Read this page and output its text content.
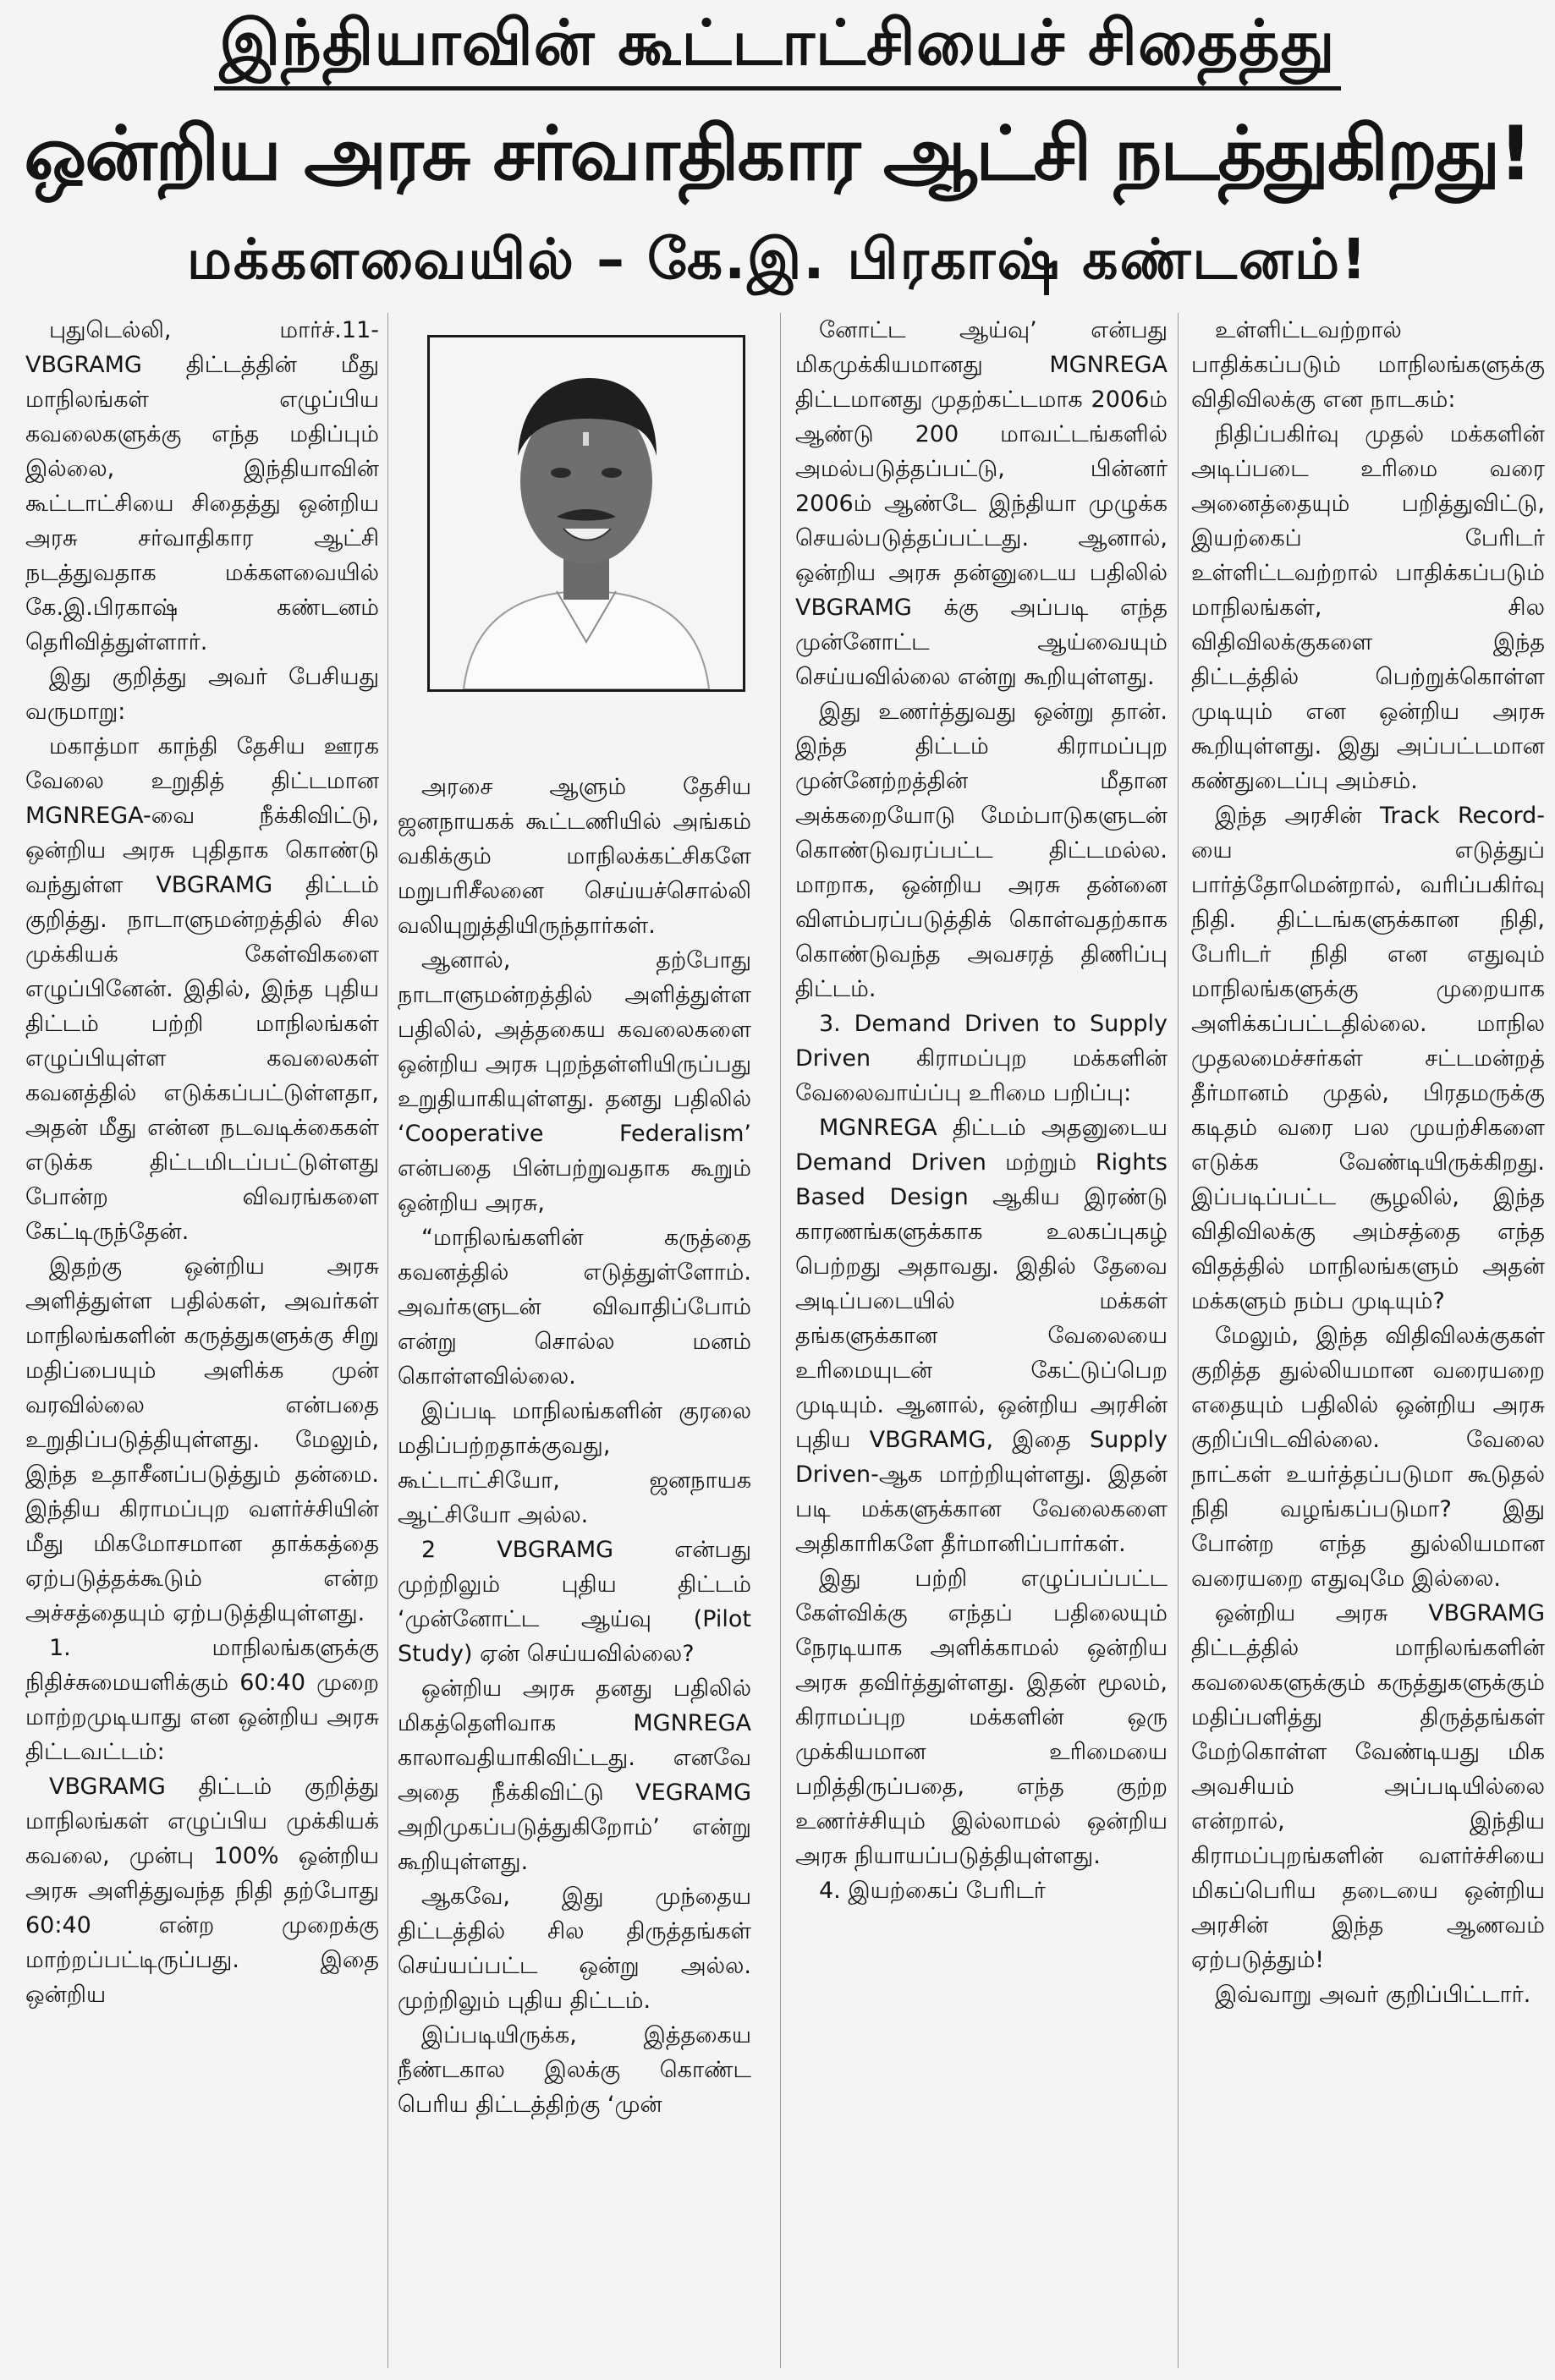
இந்தியாவின் கூட்டாட்சியைச் சிதைத்து
ஒன்றிய அரசு சர்வாதிகார ஆட்சி நடத்துகிறது!
மக்களவையில் – கே.இ. பிரகாஷ் கண்டனம்!

புதுடெல்லி, மார்ச்.11- VBGRAMG திட்டத்தின் மீது மாநிலங்கள் எழுப்பிய கவலைகளுக்கு எந்த மதிப்பும் இல்லை, இந்தியாவின் கூட்டாட்சியை சிதைத்து ஒன்றிய அரசு சர்வாதிகார ஆட்சி நடத்துவதாக மக்களவையில் கே.இ.பிரகாஷ் கண்டனம் தெரிவித்துள்ளார்.

இது குறித்து அவர் பேசியது வருமாறு:

மகாத்மா காந்தி தேசிய ஊரக வேலை உறுதித் திட்டமான MGNREGA-வை நீக்கிவிட்டு, ஒன்றிய அரசு புதிதாக கொண்டு வந்துள்ள VBGRAMG திட்டம் குறித்து. நாடாளுமன்றத்தில் சில முக்கியக் கேள்விகளை எழுப்பினேன். இதில், இந்த புதிய திட்டம் பற்றி மாநிலங்கள் எழுப்பியுள்ள கவலைகள் கவனத்தில் எடுக்கப்பட்டுள்ளதா, அதன் மீது என்ன நடவடிக்கைகள் எடுக்க திட்டமிடப்பட்டுள்ளது போன்ற விவரங்களை கேட்டிருந்தேன்.

இதற்கு ஒன்றிய அரசு அளித்துள்ள பதில்கள், அவர்கள் மாநிலங்களின் கருத்துகளுக்கு சிறு மதிப்பையும் அளிக்க முன் வரவில்லை என்பதை உறுதிப்படுத்தியுள்ளது. மேலும், இந்த உதாசீனப்படுத்தும் தன்மை. இந்திய கிராமப்புற வளர்ச்சியின் மீது மிகமோசமான தாக்கத்தை ஏற்படுத்தக்கூடும் என்ற அச்சத்தையும் ஏற்படுத்தியுள்ளது.

1. மாநிலங்களுக்கு நிதிச்சுமையளிக்கும் 60:40 முறை மாற்றமுடியாது என ஒன்றிய அரசு திட்டவட்டம்:

VBGRAMG திட்டம் குறித்து மாநிலங்கள் எழுப்பிய முக்கியக் கவலை, முன்பு 100% ஒன்றிய அரசு அளித்துவந்த நிதி தற்போது 60:40 என்ற முறைக்கு மாற்றப்பட்டிருப்பது. இதை ஒன்றிய

அரசை ஆளும் தேசிய ஜனநாயகக் கூட்டணியில் அங்கம் வகிக்கும் மாநிலக்கட்சிகளே மறுபரிசீலனை செய்யச்சொல்லி வலியுறுத்தியிருந்தார்கள்.

ஆனால், தற்போது நாடாளுமன்றத்தில் அளித்துள்ள பதிலில், அத்தகைய கவலைகளை ஒன்றிய அரசு புறந்தள்ளியிருப்பது உறுதியாகியுள்ளது. தனது பதிலில் ‘Cooperative Federalism’ என்பதை பின்பற்றுவதாக கூறும் ஒன்றிய அரசு,

“மாநிலங்களின் கருத்தை கவனத்தில் எடுத்துள்ளோம். அவர்களுடன் விவாதிப்போம் என்று சொல்ல மனம் கொள்ளவில்லை.

இப்படி மாநிலங்களின் குரலை மதிப்பற்றதாக்குவது, கூட்டாட்சியோ, ஜனநாயக ஆட்சியோ அல்ல.

2 VBGRAMG என்பது முற்றிலும் புதிய திட்டம் ‘முன்னோட்ட ஆய்வு (Pilot Study) ஏன் செய்யவில்லை?

ஒன்றிய அரசு தனது பதிலில் மிகத்தெளிவாக MGNREGA காலாவதியாகிவிட்டது. எனவே அதை நீக்கிவிட்டு VEGRAMG அறிமுகப்படுத்துகிறோம்’ என்று கூறியுள்ளது.

ஆகவே, இது முந்தைய திட்டத்தில் சில திருத்தங்கள் செய்யப்பட்ட ஒன்று அல்ல. முற்றிலும் புதிய திட்டம்.

இப்படியிருக்க, இத்தகைய நீண்டகால இலக்கு கொண்ட பெரிய திட்டத்திற்கு ‘முன்

னோட்ட ஆய்வு’ என்பது மிகமுக்கியமானது MGNREGA திட்டமானது முதற்கட்டமாக 2006ம் ஆண்டு 200 மாவட்டங்களில் அமல்படுத்தப்பட்டு, பின்னர் 2006ம் ஆண்டே இந்தியா முழுக்க செயல்படுத்தப்பட்டது. ஆனால், ஒன்றிய அரசு தன்னுடைய பதிலில் VBGRAMG க்கு அப்படி எந்த முன்னோட்ட ஆய்வையும் செய்யவில்லை என்று கூறியுள்ளது.

இது உணர்த்துவது ஒன்று தான். இந்த திட்டம் கிராமப்புற முன்னேற்றத்தின் மீதான அக்கறையோடு மேம்பாடுகளுடன் கொண்டுவரப்பட்ட திட்டமல்ல. மாறாக, ஒன்றிய அரசு தன்னை விளம்பரப்படுத்திக் கொள்வதற்காக கொண்டுவந்த அவசரத் திணிப்பு திட்டம்.

3. Demand Driven to Supply Driven கிராமப்புற மக்களின் வேலைவாய்ப்பு உரிமை பறிப்பு:

MGNREGA திட்டம் அதனுடைய Demand Driven மற்றும் Rights Based Design ஆகிய இரண்டு காரணங்களுக்காக உலகப்புகழ் பெற்றது அதாவது. இதில் தேவை அடிப்படையில் மக்கள் தங்களுக்கான வேலையை உரிமையுடன் கேட்டுப்பெற முடியும். ஆனால், ஒன்றிய அரசின் புதிய VBGRAMG, இதை Supply Driven-ஆக மாற்றியுள்ளது. இதன் படி மக்களுக்கான வேலைகளை அதிகாரிகளே தீர்மானிப்பார்கள்.

இது பற்றி எழுப்பப்பட்ட கேள்விக்கு எந்தப் பதிலையும் நேரடியாக அளிக்காமல் ஒன்றிய அரசு தவிர்த்துள்ளது. இதன் மூலம், கிராமப்புற மக்களின் ஒரு முக்கியமான உரிமையை பறித்திருப்பதை, எந்த குற்ற உணர்ச்சியும் இல்லாமல் ஒன்றிய அரசு நியாயப்படுத்தியுள்ளது.

4. இயற்கைப் பேரிடர்

உள்ளிட்டவற்றால் பாதிக்கப்படும் மாநிலங்களுக்கு விதிவிலக்கு என நாடகம்:

நிதிப்பகிர்வு முதல் மக்களின் அடிப்படை உரிமை வரை அனைத்தையும் பறித்துவிட்டு, இயற்கைப் பேரிடர் உள்ளிட்டவற்றால் பாதிக்கப்படும் மாநிலங்கள், சில விதிவிலக்குகளை இந்த திட்டத்தில் பெற்றுக்கொள்ள முடியும் என ஒன்றிய அரசு கூறியுள்ளது. இது அப்பட்டமான கண்துடைப்பு அம்சம்.

இந்த அரசின் Track Record-யை எடுத்துப் பார்த்தோமென்றால், வரிப்பகிர்வு நிதி. திட்டங்களுக்கான நிதி, பேரிடர் நிதி என எதுவும் மாநிலங்களுக்கு முறையாக அளிக்கப்பட்டதில்லை. மாநில முதலமைச்சர்கள் சட்டமன்றத் தீர்மானம் முதல், பிரதமருக்கு கடிதம் வரை பல முயற்சிகளை எடுக்க வேண்டியிருக்கிறது. இப்படிப்பட்ட சூழலில், இந்த விதிவிலக்கு அம்சத்தை எந்த விதத்தில் மாநிலங்களும் அதன் மக்களும் நம்ப முடியும்?

மேலும், இந்த விதிவிலக்குகள் குறித்த துல்லியமான வரையறை எதையும் பதிலில் ஒன்றிய அரசு குறிப்பிடவில்லை. வேலை நாட்கள் உயர்த்தப்படுமா கூடுதல் நிதி வழங்கப்படுமா? இது போன்ற எந்த துல்லியமான வரையறை எதுவுமே இல்லை.

ஒன்றிய அரசு VBGRAMG திட்டத்தில் மாநிலங்களின் கவலைகளுக்கும் கருத்துகளுக்கும் மதிப்பளித்து திருத்தங்கள் மேற்கொள்ள வேண்டியது மிக அவசியம் அப்படியில்லை என்றால், இந்திய கிராமப்புறங்களின் வளர்ச்சியை மிகப்பெரிய தடையை ஒன்றிய அரசின் இந்த ஆணவம் ஏற்படுத்தும்!

இவ்வாறு அவர் குறிப்பிட்டார்.
